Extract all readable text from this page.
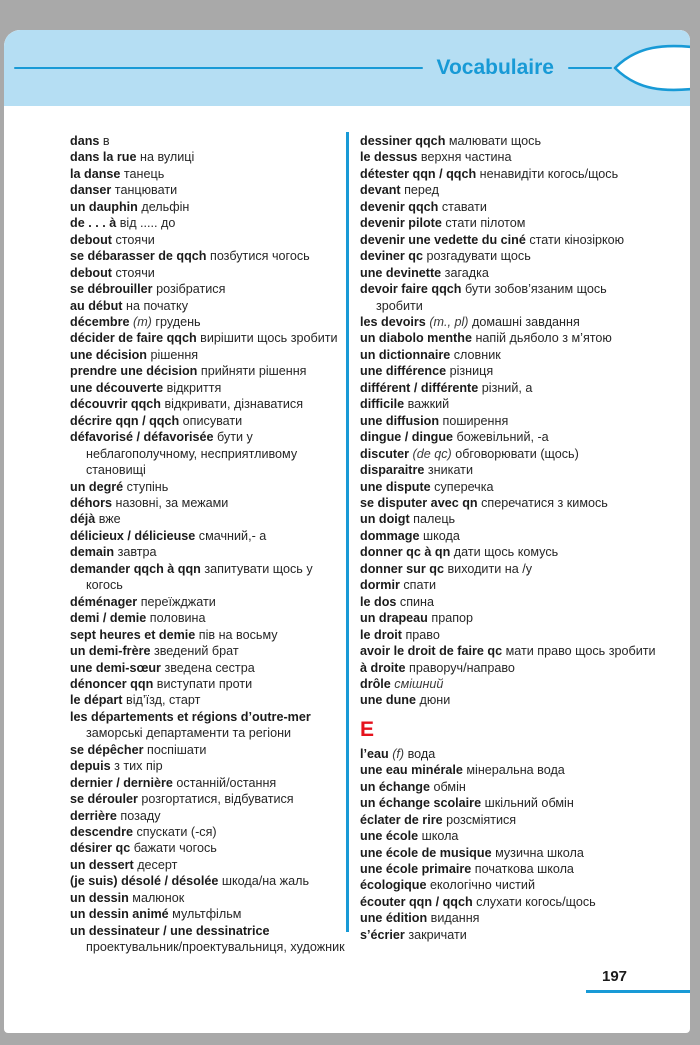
Vocabulaire
dans в
dans la rue на вулиці
la danse танець
danser танцювати
un dauphin дельфін
de . . . à від ..... до
debout стоячи
se débarasser de qqch позбутися чогось
debout стоячи
se débrouiller розібратися
au début на початку
décembre (m) грудень
décider de faire qqch вирішити щось зробити
une décision рішення
prendre une décision прийняти рішення
une découverte відкриття
découvrir qqch відкривати, дізнаватися
décrire qqn / qqch описувати
défavorisé / défavorisée бути у неблагополучному, несприятливому становищі
un degré ступінь
déhors назовні, за межами
déjà вже
délicieux / délicieuse смачний,- а
demain завтра
demander qqch à qqn запитувати щось у когось
déménager переїжджати
demi / demie половина
sept heures et demie пів на восьму
un demi-frère зведений брат
une demi-sœur зведена сестра
dénoncer qqn виступати проти
le départ від’їзд, старт
les départements et régions d’outre-mer заморські департаменти та регіони
se dépêcher поспішати
depuis з тих пір
dernier / dernière останній/остання
se dérouler розгортатися, відбуватися
derrière позаду
descendre спускати (-ся)
désirer qc бажати чогось
un dessert десерт
(je suis) désolé / désolée шкода/на жаль
un dessin малюнок
un dessin animé мультфільм
un dessinateur / une dessinatrice проектувальник/проектувальниця, художник
dessiner qqch малювати щось
le dessus верхня частина
détester qqn / qqch ненавидіти когось/щось
devant перед
devenir qqch ставати
devenir pilote стати пілотом
devenir une vedette du ciné стати кінозіркою
deviner qc розгадувати щось
une devinette загадка
devoir faire qqch бути зобов’язаним щось зробити
les devoirs (m., pl) домашні завдання
un diabolo menthe напій дьяболо з м’ятою
un dictionnaire словник
une différence різниця
différent / différente різний, а
difficile важкий
une diffusion поширення
dingue / dingue божевільний, -а
discuter (de qc) обговорювати (щось)
disparaitre зникати
une dispute суперечка
se disputer avec qn сперечатися з кимось
un doigt палець
dommage шкода
donner qc à qn дати щось комусь
donner sur qc виходити на /у
dormir спати
le dos спина
un drapeau прапор
le droit право
avoir le droit de faire qc мати право щось зробити
à droite праворуч/направо
drôle смішний
une dune дюни
E
l’eau (f) вода
une eau minérale мінеральна вода
un échange обмін
un échange scolaire шкільний обмін
éclater de rire розсміятися
une école школа
une école de musique музична школа
une école primaire початкова школа
écologique екологічно чистий
écouter qqn / qqch слухати когось/щось
une édition видання
s’écrier закричати
197
